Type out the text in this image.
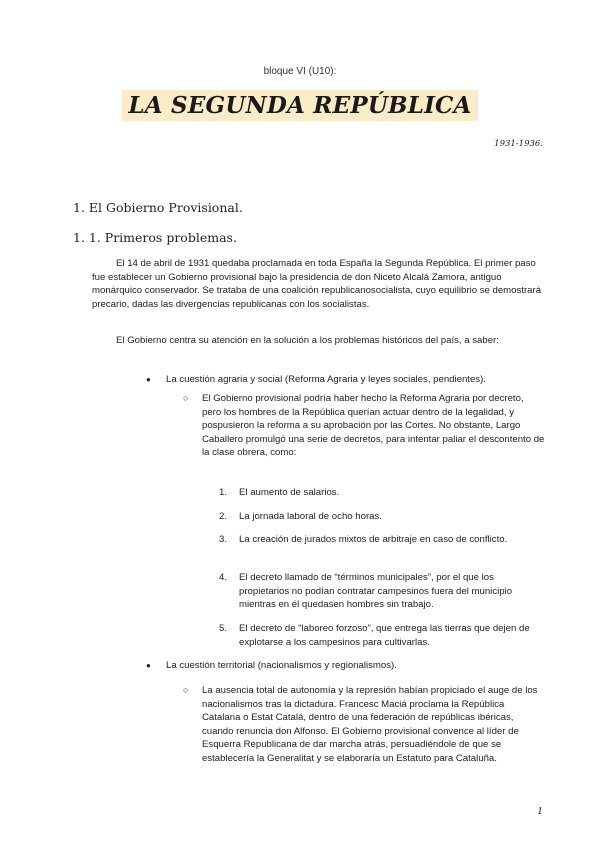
bloque VI (U10):
LA SEGUNDA REPÚBLICA
1931-1936.
1. El Gobierno Provisional.
1. 1. Primeros problemas.

El 14 de abril de 1931 quedaba proclamada en toda España la Segunda República. El primer paso fue establecer un Gobierno provisional bajo la presidencia de don Niceto Alcalá Zamora, antiguo monárquico conservador. Se trataba de una coalición republicanosocialista, cuyo equilibrio se demostrará precario, dadas las divergencias republicanas con los socialistas.

El Gobierno centra su atención en la solución a los problemas históricos del país, a saber:

● La cuestión agraria y social (Reforma Agraria y leyes sociales, pendientes).
○ El Gobierno provisional podría haber hecho la Reforma Agraria por decreto, pero los hombres de la República querían actuar dentro de la legalidad, y pospusieron la reforma a su aprobación por las Cortes. No obstante, Largo Caballero promulgó una serie de decretos, para intentar paliar el descontento de la clase obrera, como:
1. El aumento de salarios.
2. La jornada laboral de ocho horas.
3. La creación de jurados mixtos de arbitraje en caso de conflicto.
4. El decreto llamado de “términos municipales”, por el que los propietarios no podían contratar campesinos fuera del municipio mientras en él quedasen hombres sin trabajo.
5. El decreto de “laboreo forzoso”, que entrega las tierras que dejen de explotarse a los campesinos para cultivarlas.
● La cuestión territorial (nacionalismos y regionalismos).
○ La ausencia total de autonomía y la represión habían propiciado el auge de los nacionalismos tras la dictadura. Francesc Maciá proclama la República Catalana o Estat Catalá, dentro de una federación de repúblicas ibéricas, cuando renuncia don Alfonso. El Gobierno provisional convence al líder de Esquerra Republicana de dar marcha atrás, persuadiéndole de que se establecería la Generalitat y se elaboraría un Estatuto para Cataluña.
1
